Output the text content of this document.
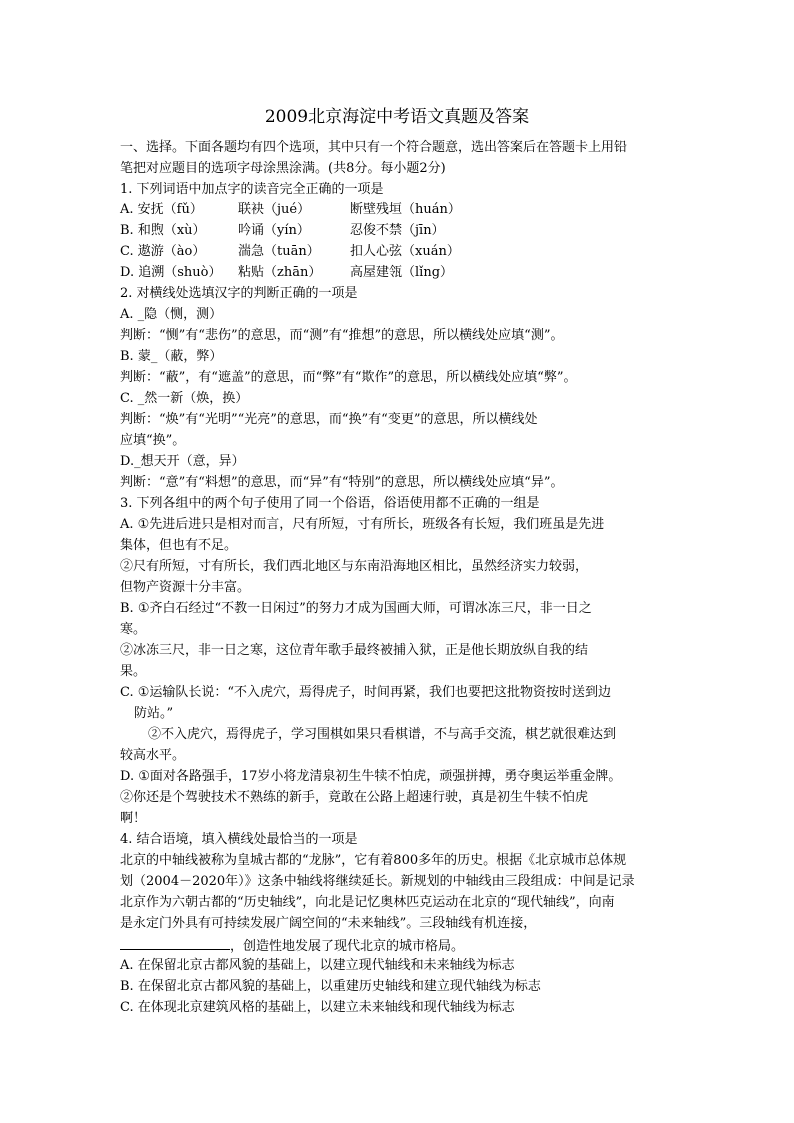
2009北京海淀中考语文真题及答案
一、选择。下面各题均有四个选项，其中只有一个符合题意，选出答案后在答题卡上用铅
笔把对应题目的选项字母涂黑涂满。(共8分。每小题2分)
1. 下列词语中加点字的读音完全正确的一项是
A. 安抚（fǔ）	联袂（jué）	断壁残垣（huán）
B. 和煦（xù） 吟诵（yín）	忍俊不禁（jīn）
C. 遨游（ào）	湍急（tuān） 扣人心弦（xuán）
D. 追溯（shuò） 粘贴（zhān） 高屋建瓴（lǐng）
2. 对横线处选填汉字的判断正确的一项是
A. _隐（恻，测）
判断：“恻”有“悲伤”的意思，而“测”有“推想”的意思，所以横线处应填“测”。
B. 蒙_（蔽，弊）
判断：“蔽”，有“遮盖”的意思，而“弊”有“欺作”的意思，所以横线处应填“弊”。
C. _然一新（焕，换）
判断：“焕”有“光明”“光亮”的意思，而“换”有“变更”的意思，所以横线处
应填“换”。
D._想天开（意，异）
判断：“意”有“料想”的意思，而“异”有“特别”的意思，所以横线处应填“异”。
3. 下列各组中的两个句子使用了同一个俗语，俗语使用都不正确的一组是
A. ①先进后进只是相对而言，尺有所短，寸有所长，班级各有长短，我们班虽是先进
集体，但也有不足。
②尺有所短，寸有所长，我们西北地区与东南沿海地区相比，虽然经济实力较弱，
但物产资源十分丰富。
B. ①齐白石经过“不教一日闲过”的努力才成为国画大师，可谓冰冻三尺，非一日之
寒。
②冰冻三尺，非一日之寒，这位青年歌手最终被捕入狱，正是他长期放纵自我的结
果。
C. ①运输队长说：“不入虎穴，焉得虎子，时间再紧，我们也要把这批物资按时送到边
防站。”
②不入虎穴，焉得虎子，学习围棋如果只看棋谱，不与高手交流，棋艺就很难达到
较高水平。
D. ①面对各路强手，17岁小将龙清泉初生牛犊不怕虎，顽强拼搏，勇夺奥运举重金牌。
②你还是个驾驶技术不熟练的新手，竟敢在公路上超速行驶，真是初生牛犊不怕虎
啊！
4. 结合语境，填入横线处最恰当的一项是
北京的中轴线被称为皇城古都的“龙脉”，它有着800多年的历史。根据《北京城市总体规
划（2004－2020年）》这条中轴线将继续延长。新规划的中轴线由三段组成：中间是记录
北京作为六朝古都的“历史轴线”，向北是记忆奥林匹克运动在北京的“现代轴线”，向南
是永定门外具有可持续发展广阔空间的“未来轴线”。三段轴线有机连接，
，创造性地发展了现代北京的城市格局。
A. 在保留北京古都风貌的基础上，以建立现代轴线和未来轴线为标志
B. 在保留北京古都风貌的基础上，以重建历史轴线和建立现代轴线为标志
C. 在体现北京建筑风格的基础上，以建立未来轴线和现代轴线为标志
